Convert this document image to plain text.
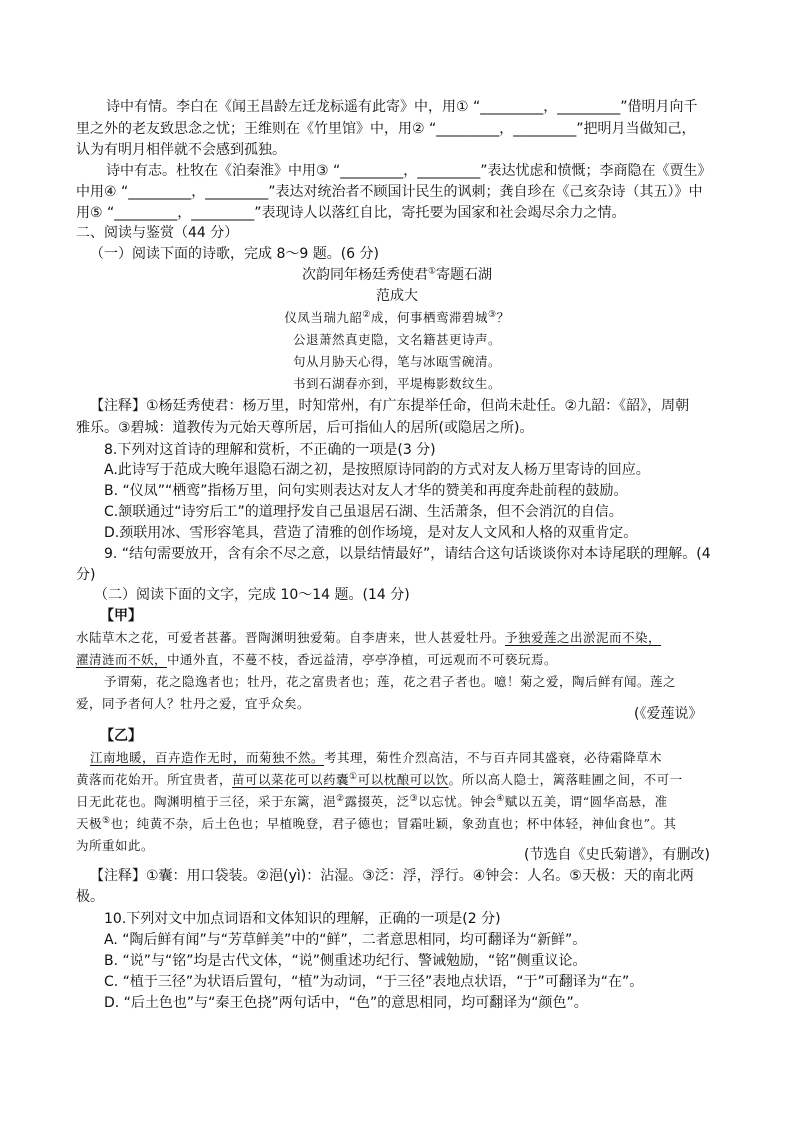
诗中有情。李白在《闻王昌龄左迁龙标遥有此寄》中，用① “_________，_________”借明月向千
里之外的老友致思念之忧；王维则在《竹里馆》中，用② “_________，_________”把明月当做知己，
认为有明月相伴就不会感到孤独。
诗中有志。杜牧在《泊秦淮》中用③ “_________，_________”表达忧虑和愤慨；李商隐在《贾生》
中用④ “_________，_________”表达对统治者不顾国计民生的讽刺；龚自珍在《己亥杂诗（其五）》中
用⑤ “_________，_________”表现诗人以落红自比，寄托要为国家和社会竭尽余力之情。
二、阅读与鉴赏（44 分）
（一）阅读下面的诗歌，完成 8～9 题。(6 分)
次韵同年杨廷秀使君①寄题石湖
范成大
仪凤当瑞九韶②成，何事栖鸾滞碧城③？
公退萧然真吏隐，文名籍甚更诗声。
句从月胁天心得，笔与冰瓯雪碗清。
书到石湖春亦到，平堤梅影数纹生。
【注释】①杨廷秀使君：杨万里，时知常州，有广东提举任命，但尚未赴任。②九韶：《韶》，周朝
雅乐。③碧城：道教传为元始天尊所居，后可指仙人的居所(或隐居之所)。
8.下列对这首诗的理解和赏析，不正确的一项是(3 分)
A.此诗写于范成大晚年退隐石湖之初，是按照原诗同韵的方式对友人杨万里寄诗的回应。
B. “仪凤”“栖鸾”指杨万里，问句实则表达对友人才华的赞美和再度奔赴前程的鼓励。
C.颔联通过“诗穷后工”的道理抒发自己虽退居石湖、生活萧条，但不会消沉的自信。
D.颈联用冰、雪形容笔具，营造了清雅的创作场境，是对友人文风和人格的双重肯定。
9. “结句需要放开，含有余不尽之意，以景结情最好”，请结合这句话谈谈你对本诗尾联的理解。(4
分)
（二）阅读下面的文字，完成 10～14 题。(14 分)
【甲】
水陆草木之花，可爱者甚蕃。晋陶渊明独爱菊。自李唐来，世人甚爱牡丹。予独爱莲之出淤泥而不染，
濯清涟而不妖，中通外直，不蔓不枝，香远益清，亭亭净植，可远观而不可亵玩焉。
予谓菊，花之隐逸者也；牡丹，花之富贵者也；莲，花之君子者也。噫！菊之爱，陶后鲜有闻。莲之
爱，同予者何人？牡丹之爱，宜乎众矣。
(《爱莲说》
【乙】
江南地暖，百卉造作无时，而菊独不然。考其理，菊性介烈高洁，不与百卉同其盛衰，必待霜降草木
黄落而花始开。所宜贵者，苗可以菜花可以药囊①可以枕酿可以饮。所以高人隐士，篱落畦圃之间，不可一
日无此花也。陶渊明植于三径，采于东篱，浥②露掇英，泛③以忘忧。钟会④赋以五美，谓“圆华高悬，准
天极⑤也；纯黄不杂，后土色也；早植晚登，君子德也；冒霜吐颖，象劲直也；杯中体轻，神仙食也”。其
为所重如此。
(节选自《史氏菊谱》，有删改)
【注释】①囊：用口袋装。②浥(yì)：沾湿。③泛：浮，浮行。④钟会：人名。⑤天极：天的南北两
极。
10.下列对文中加点词语和文体知识的理解，正确的一项是(2 分)
A. “陶后鲜有闻”与“芳草鲜美”中的“鲜”，二者意思相同，均可翻译为“新鲜”。
B. “说”与“铭”均是古代文体，“说”侧重述功纪行、警诫勉励，“铭”侧重议论。
C. “植于三径”为状语后置句，“植”为动词，“于三径”表地点状语，“于”可翻译为“在”。
D. “后土色也”与“秦王色挠”两句话中，“色”的意思相同，均可翻译为“颜色”。
